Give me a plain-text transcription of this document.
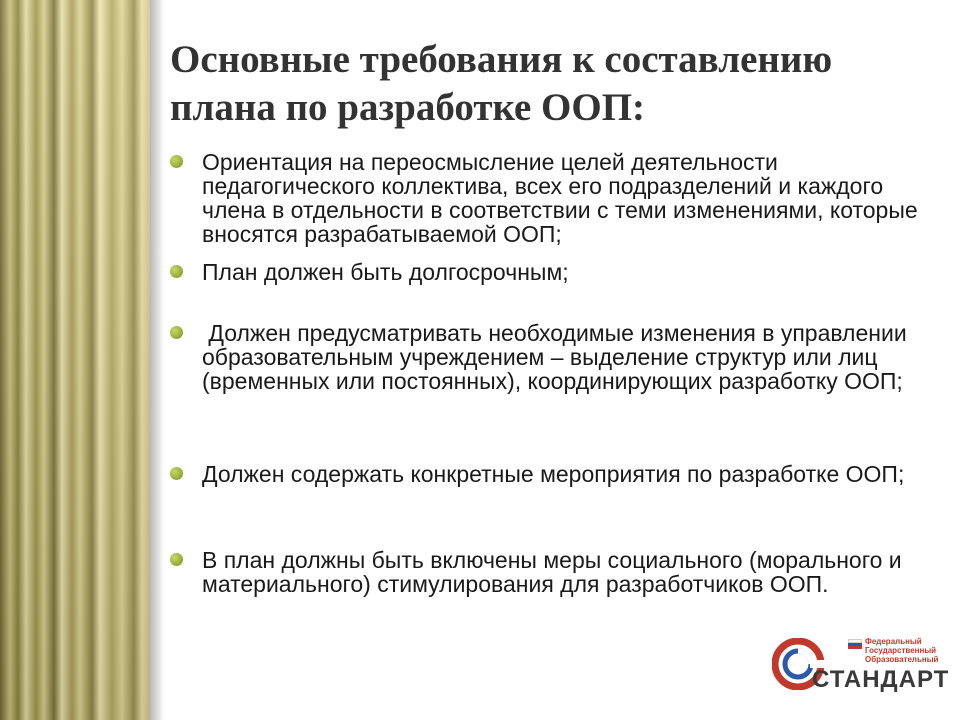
Основные требования к составлению плана по разработке ООП:
Ориентация на переосмысление целей деятельности педагогического коллектива, всех его подразделений и каждого члена в отдельности в соответствии с теми изменениями, которые вносятся разрабатываемой ООП;
План должен быть долгосрочным;
Должен предусматривать необходимые изменения в управлении образовательным учреждением – выделение структур или лиц (временных или постоянных), координирующих разработку ООП;
Должен содержать конкретные мероприятия по разработке ООП;
В план должны быть включены меры социального (морального и материального) стимулирования для разработчиков ООП.
Федеральный Государственный Образовательный
СТАНДАРТ
